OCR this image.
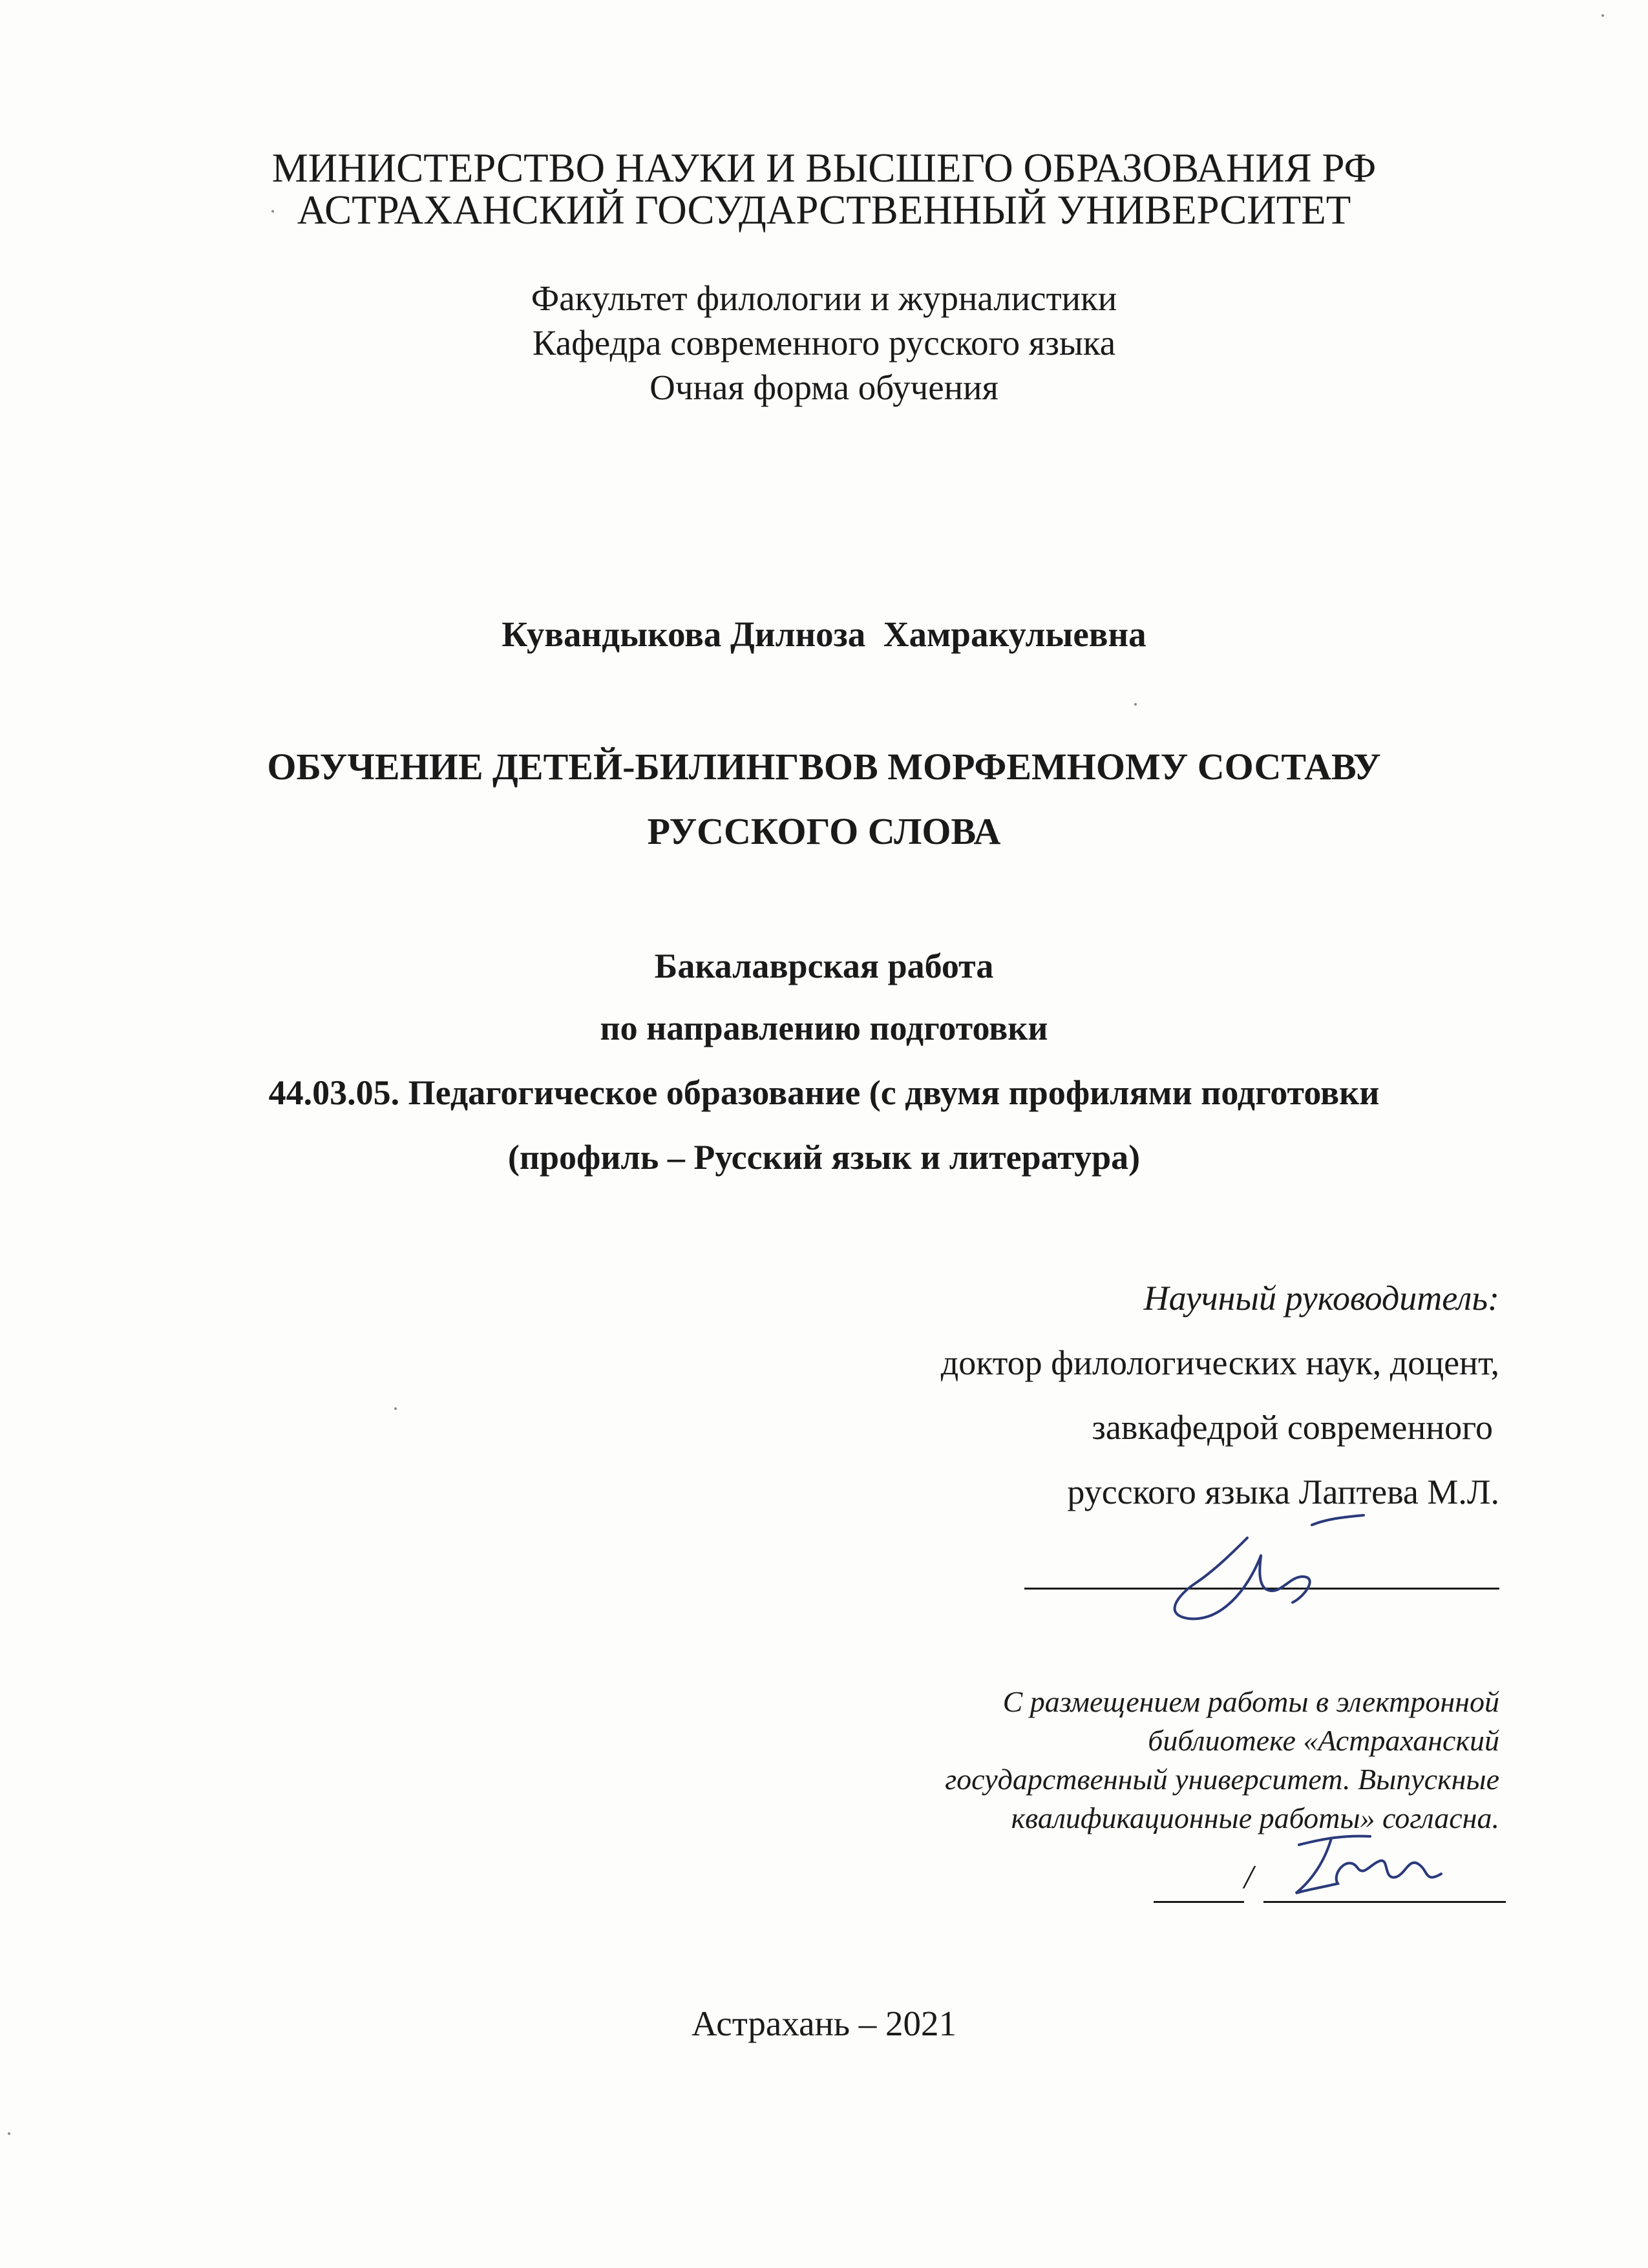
МИНИСТЕРСТВО НАУКИ И ВЫСШЕГО ОБРАЗОВАНИЯ РФ
АСТРАХАНСКИЙ ГОСУДАРСТВЕННЫЙ УНИВЕРСИТЕТ
Факультет филологии и журналистики
Кафедра современного русского языка
Очная форма обучения
Кувандыкова Дилноза  Хамракулыевна
ОБУЧЕНИЕ ДЕТЕЙ-БИЛИНГВОВ МОРФЕМНОМУ СОСТАВУ
РУССКОГО СЛОВА
Бакалаврская работа
по направлению подготовки
44.03.05. Педагогическое образование (с двумя профилями подготовки
(профиль – Русский язык и литература)
Научный руководитель:
доктор филологических наук, доцент,
завкафедрой современного
русского языка Лаптева М.Л.
С размещением работы в электронной
библиотеке «Астраханский
государственный университет. Выпускные
квалификационные работы» согласна.
/
Астрахань – 2021
